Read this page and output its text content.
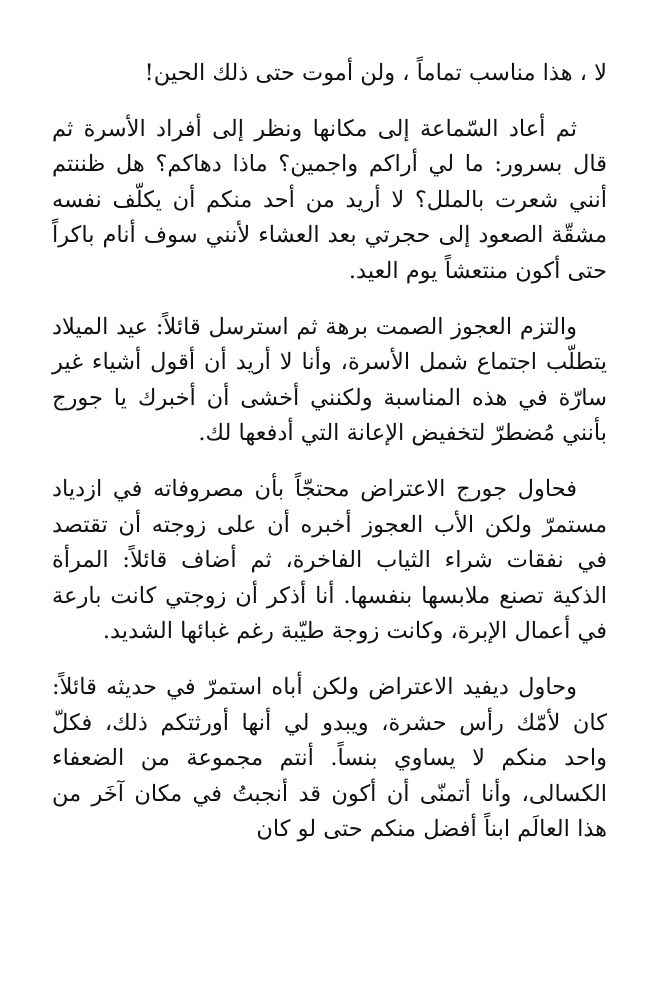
لا ، هذا مناسب تماماً ، ولن أموت حتى ذلك الحين!

ثم أعاد السّماعة إلى مكانها ونظر إلى أفراد الأسرة ثم قال بسرور: ما لي أراكم واجمين؟ ماذا دهاكم؟ هل ظننتم أنني شعرت بالملل؟ لا أريد من أحد منكم أن يكلّف نفسه مشقّة الصعود إلى حجرتي بعد العشاء لأنني سوف أنام باكراً حتى أكون منتعشاً يوم العيد.

والتزم العجوز الصمت برهة ثم استرسل قائلاً: عيد الميلاد يتطلّب اجتماع شمل الأسرة، وأنا لا أريد أن أقول أشياء غير سارّة في هذه المناسبة ولكنني أخشى أن أخبرك يا جورج بأنني مُضطرّ لتخفيض الإعانة التي أدفعها لك.

فحاول جورج الاعتراض محتجّاً بأن مصروفاته في ازدياد مستمرّ ولكن الأب العجوز أخبره أن على زوجته أن تقتصد في نفقات شراء الثياب الفاخرة، ثم أضاف قائلاً: المرأة الذكية تصنع ملابسها بنفسها. أنا أذكر أن زوجتي كانت بارعة في أعمال الإبرة، وكانت زوجة طيّبة رغم غبائها الشديد.

وحاول ديفيد الاعتراض ولكن أباه استمرّ في حديثه قائلاً: كان لأمّك رأس حشرة، ويبدو لي أنها أورثتكم ذلك، فكلّ واحد منكم لا يساوي بنساً. أنتم مجموعة من الضعفاء الكسالى، وأنا أتمنّى أن أكون قد أنجبتُ في مكان آخَر من هذا العالَم ابناً أفضل منكم حتى لو كان
